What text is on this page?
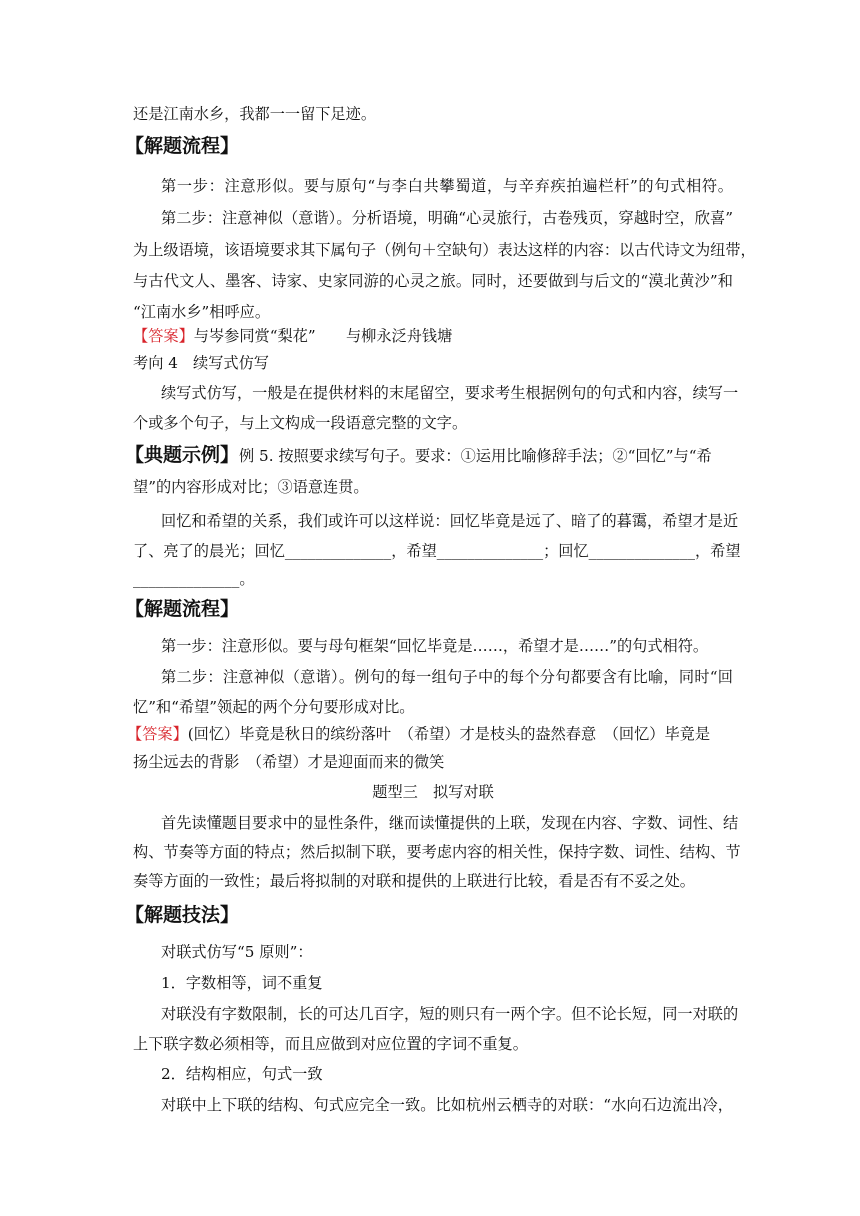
还是江南水乡，我都一一留下足迹。
【解题流程】
第一步：注意形似。要与原句“与李白共攀蜀道，与辛弃疾拍遍栏杆”的句式相符。
第二步：注意神似（意谐）。分析语境，明确“心灵旅行，古卷残页，穿越时空，欣喜”
为上级语境，该语境要求其下属句子（例句＋空缺句）表达这样的内容：以古代诗文为纽带，
与古代文人、墨客、诗家、史家同游的心灵之旅。同时，还要做到与后文的“漠北黄沙”和
“江南水乡”相呼应。
【答案】与岑参同赏“梨花”　　与柳永泛舟钱塘
考向 4　续写式仿写
续写式仿写，一般是在提供材料的末尾留空，要求考生根据例句的句式和内容，续写一
个或多个句子，与上文构成一段语意完整的文字。
【典题示例】例 5. 按照要求续写句子。要求：①运用比喻修辞手法；②“回忆”与“希
望”的内容形成对比；③语意连贯。
回忆和希望的关系，我们或许可以这样说：回忆毕竟是远了、暗了的暮霭，希望才是近
了、亮了的晨光；回忆______________，希望______________；回忆______________，希望
______________。
【解题流程】
第一步：注意形似。要与母句框架“回忆毕竟是……，希望才是……”的句式相符。
第二步：注意神似（意谐）。例句的每一组句子中的每个分句都要含有比喻，同时“回
忆”和“希望”领起的两个分句要形成对比。
【答案】(回忆）毕竟是秋日的缤纷落叶　（希望）才是枝头的盎然春意　（回忆）毕竟是
扬尘远去的背影　（希望）才是迎面而来的微笑
题型三　拟写对联
首先读懂题目要求中的显性条件，继而读懂提供的上联，发现在内容、字数、词性、结
构、节奏等方面的特点；然后拟制下联，要考虑内容的相关性，保持字数、词性、结构、节
奏等方面的一致性；最后将拟制的对联和提供的上联进行比较，看是否有不妥之处。
【解题技法】
对联式仿写“5 原则”：
1．字数相等，词不重复
对联没有字数限制，长的可达几百字，短的则只有一两个字。但不论长短，同一对联的
上下联字数必须相等，而且应做到对应位置的字词不重复。
2．结构相应，句式一致
对联中上下联的结构、句式应完全一致。比如杭州云栖寺的对联：“水向石边流出冷，
